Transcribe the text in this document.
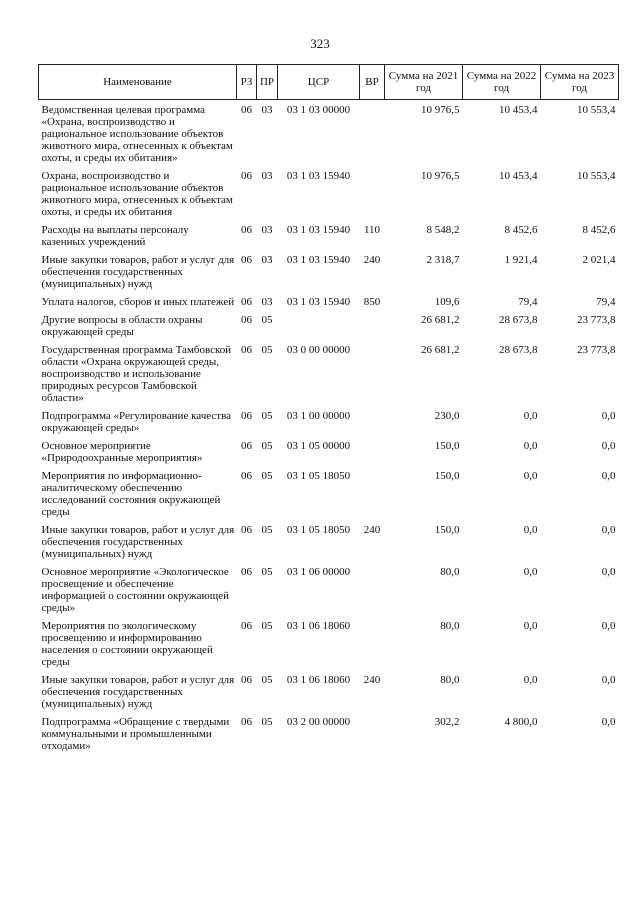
323
Наименование	РЗ	ПР	ЦСР	ВР	Сумма на 2021 год	Сумма на 2022 год	Сумма на 2023 год
Ведомственная целевая программа «Охрана, воспроизводство и рациональное использование объектов животного мира, отнесенных к объектам охоты, и среды их обитания»	06	03	03 1 03 00000		10 976,5	10 453,4	10 553,4
Охрана, воспроизводство и рациональное использование объектов животного мира, отнесенных к объектам охоты, и среды их обитания	06	03	03 1 03 15940		10 976,5	10 453,4	10 553,4
Расходы на выплаты персоналу казенных учреждений	06	03	03 1 03 15940	110	8 548,2	8 452,6	8 452,6
Иные закупки товаров, работ и услуг для обеспечения государственных (муниципальных) нужд	06	03	03 1 03 15940	240	2 318,7	1 921,4	2 021,4
Уплата налогов, сборов и иных платежей	06	03	03 1 03 15940	850	109,6	79,4	79,4
Другие вопросы в области охраны окружающей среды	06	05			26 681,2	28 673,8	23 773,8
Государственная программа Тамбовской области «Охрана окружающей среды, воспроизводство и использование природных ресурсов Тамбовской области»	06	05	03 0 00 00000		26 681,2	28 673,8	23 773,8
Подпрограмма «Регулирование качества окружающей среды»	06	05	03 1 00 00000		230,0	0,0	0,0
Основное мероприятие «Природоохранные мероприятия»	06	05	03 1 05 00000		150,0	0,0	0,0
Мероприятия по информационно-аналитическому обеспечению исследований состояния окружающей среды	06	05	03 1 05 18050		150,0	0,0	0,0
Иные закупки товаров, работ и услуг для обеспечения государственных (муниципальных) нужд	06	05	03 1 05 18050	240	150,0	0,0	0,0
Основное мероприятие «Экологическое просвещение и обеспечение информацией о состоянии окружающей среды»	06	05	03 1 06 00000		80,0	0,0	0,0
Мероприятия по экологическому просвещению и информированию населения о состоянии окружающей среды	06	05	03 1 06 18060		80,0	0,0	0,0
Иные закупки товаров, работ и услуг для обеспечения государственных (муниципальных) нужд	06	05	03 1 06 18060	240	80,0	0,0	0,0
Подпрограмма «Обращение с твердыми коммунальными и промышленными отходами»	06	05	03 2 00 00000		302,2	4 800,0	0,0
